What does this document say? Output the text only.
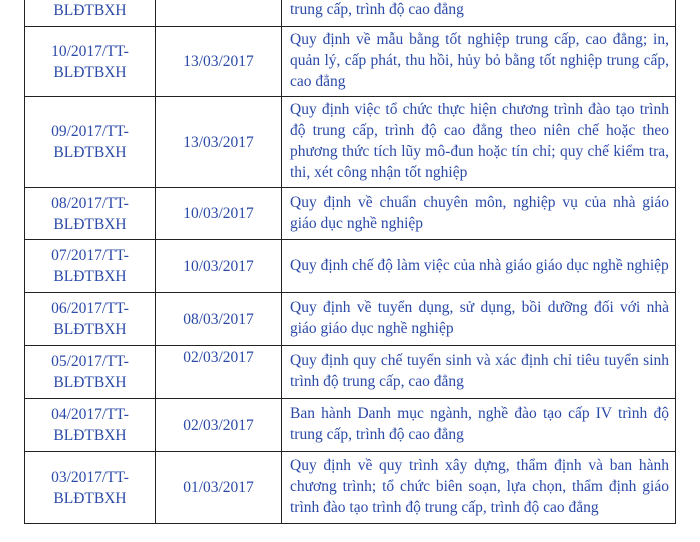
BLĐTBXH		trung cấp, trình độ cao đẳng
10/2017/TT-BLĐTBXH	13/03/2017	Quy định về mẫu bằng tốt nghiệp trung cấp, cao đẳng; in, quản lý, cấp phát, thu hồi, hủy bỏ bằng tốt nghiệp trung cấp, cao đẳng
09/2017/TT-BLĐTBXH	13/03/2017	Quy định việc tổ chức thực hiện chương trình đào tạo trình độ trung cấp, trình độ cao đẳng theo niên chế hoặc theo phương thức tích lũy mô-đun hoặc tín chỉ; quy chế kiểm tra, thi, xét công nhận tốt nghiệp
08/2017/TT-BLĐTBXH	10/03/2017	Quy định về chuẩn chuyên môn, nghiệp vụ của nhà giáo giáo dục nghề nghiệp
07/2017/TT-BLĐTBXH	10/03/2017	Quy định chế độ làm việc của nhà giáo giáo dục nghề nghiệp
06/2017/TT-BLĐTBXH	08/03/2017	Quy định về tuyển dụng, sử dụng, bồi dưỡng đối với nhà giáo giáo dục nghề nghiệp
05/2017/TT-BLĐTBXH	02/03/2017	Quy định quy chế tuyển sinh và xác định chỉ tiêu tuyển sinh trình độ trung cấp, cao đẳng
04/2017/TT-BLĐTBXH	02/03/2017	Ban hành Danh mục ngành, nghề đào tạo cấp IV trình độ trung cấp, trình độ cao đẳng
03/2017/TT-BLĐTBXH	01/03/2017	Quy định về quy trình xây dựng, thẩm định và ban hành chương trình; tổ chức biên soạn, lựa chọn, thẩm định giáo trình đào tạo trình độ trung cấp, trình độ cao đẳng
